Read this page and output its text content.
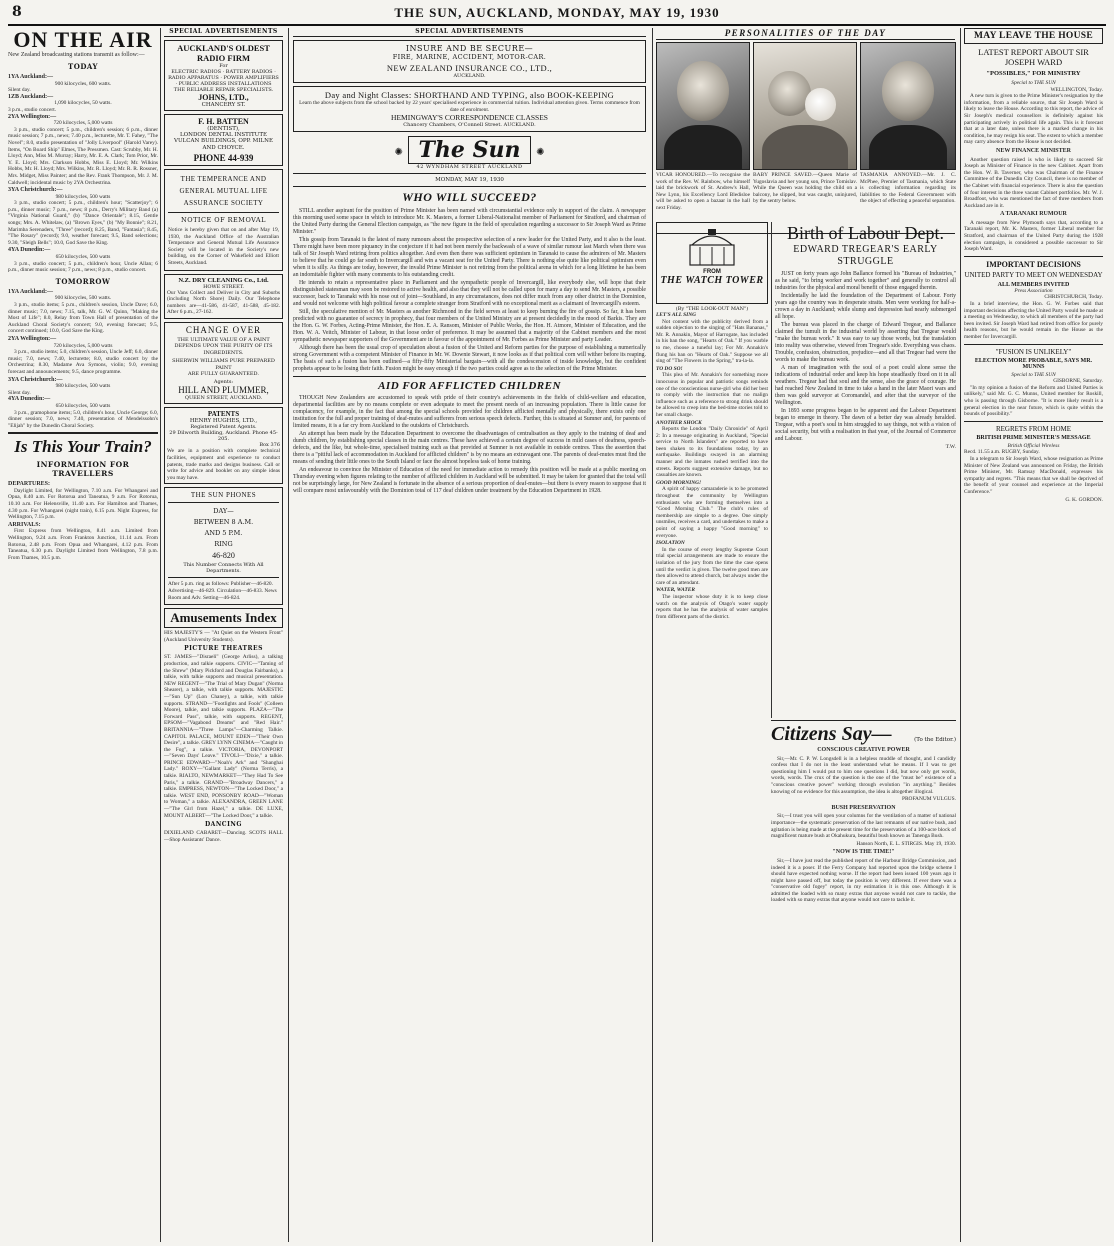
8	THE SUN, AUCKLAND, MONDAY, MAY 19, 1930
ON THE AIR
New Zealand broadcasting stations transmit as follow:—
TODAY
1YA Auckland:—
900 kilocycles, 600 watts.
Silent day.
1ZB Auckland:—
1,090 kilocycles, 50 watts.
3 p.m., studio concert.
2YA Wellington:—
720 kilocycles, 5,000 watts

3 p.m., studio concert; 5 p.m., children's session; 6 p.m., dinner music session; 7 p.m., news; 7.40 p.m., lecturette, Mr. T. Fahey, "The Novel"; 8.0, studio presentation of "Jolly Liverpool" (Harold Varey). Items, "On Board Ship" Elmes, The Pressmen. Cast: Scrubby, Mr. H. Lloyd; Ann, Miss M. Murray; Harry, Mr. E. A. Clark; Tom Prior, Mr. Y. E. Lloyd; Mrs. Clarkson Hobbs, Miss E. Lloyd; Mr. Wilkins Hobbs, Mr. H. Lloyd; Mrs. Wilkins, Mr. R. Lloyd; Mr. R. R. Rossner, Mrs. Midget, Miss Painter; and the Rev. Frank Thompson, Mr. J. M. Caldwell; incidental music by 2YA Orchestrina.

3YA Christchurch:—
980 kilocycles, 500 watts

3 p.m., studio concert; 5 p.m., children's hour; "Scatterjoy"; 6 p.m., dinner music; 7 p.m., news; 8 p.m., Derry's Military Band (a) "Virginia National Guard," (b) "Dance Orientale"; 8.15, Gentle songs; Mrs. A. Whitelaw, (a) "Brown Eyes," (b) "My Bonnie"; 8.21, Marimba Serenaders, "Three" (record); 8.25, Band, "Fantasia"; 8.45, "The Rosary" (record); 9.0, weather forecast; 9.5, Band selections; 9.30, "Sleigh Bells"; 10.0, God Save the King.

4YA Dunedin:—
650 kilocycles, 500 watts

3 p.m., studio concert; 5 p.m., children's hour, Uncle Allan; 6 p.m., dinner music session; 7 p.m., news; 8 p.m., studio concert.

TOMORROW
1YA Auckland:—
900 kilocycles, 500 watts.

3 p.m., studio items; 5 p.m., children's session, Uncle Dave; 6.0, dinner music; 7.0, news; 7.15, talk, Mr. G. W. Quinn, "Making the Most of Life"; 8.0, Relay from Town Hall of presentation of the Auckland Choral Society's concert; 9.0, evening forecast; 9.5, concert continued; 10.0, God Save the King.

2YA Wellington:—
720 kilocycles, 5,000 watts

3 p.m., studio items; 5.0, children's session, Uncle Jeff; 6.0, dinner music; 7.0, news; 7.40, lecturette; 8.0, studio concert by the Orchestrina; 8.30, Madame Ava Symons, violin; 9.0, evening forecast and announcements; 9.5, dance programme.

3YA Christchurch:—
980 kilocycles, 500 watts
Silent day.
4YA Dunedin:—
650 kilocycles, 500 watts

3 p.m., gramophone items; 5.0, children's hour, Uncle George; 6.0, dinner session; 7.0, news; 7.40, presentation of Mendelssohn's "Elijah" by the Dunedin Choral Society.

Is This Your Train?
INFORMATION FOR TRAVELLERS
DEPARTURES:

Daylight Limited, for Wellington, 7.10 a.m. For Whangarei and Opua, 8.40 a.m. For Rotorua and Taneatua, 9 a.m. For Rotorua, 10.10 a.m. For Helensville, 11.40 a.m. For Hamilton and Thames, 4.30 p.m. For Whangarei (night train), 6.15 p.m. Night Express, for Wellington, 7.15 p.m.

ARRIVALS:

First Express from Wellington, 8.41 a.m. Limited from Wellington, 9.24 a.m. From Frankton Junction, 11.14 a.m. From Rotorua, 2.48 p.m. From Opua and Whangarei, 4.12 p.m. From Taneatua, 6.30 p.m. Daylight Limited from Wellington, 7.8 p.m. From Thames, 10.5 p.m.

SPECIAL ADVERTISEMENTS
AUCKLAND'S OLDEST RADIO FIRM
For
ELECTRIC RADIOS · BATTERY RADIOS · RADIO APPARATUS · POWER AMPLIFIERS · PUBLIC ADDRESS INSTALLATIONS
THE RELIABLE REPAIR SPECIALISTS.
JOHNS, LTD.,
CHANCERY ST.
F. H. BATTEN
(DENTIST),
LONDON DENTAL INSTITUTE
VULCAN BUILDINGS, OPP. MILNE AND CHOYCE.
PHONE 44-939
THE TEMPERANCE AND GENERAL MUTUAL LIFE ASSURANCE SOCIETY
NOTICE OF REMOVAL
Notice is hereby given that on and after May 19, 1930, the Auckland Office of the Australian Temperance and General Mutual Life Assurance Society will be located in the Society's new building, on the Corner of Wakefield and Elliott Streets, Auckland.
N.Z. DRY CLEANING Co., Ltd.
HOWE STREET.
Our Vans Collect and Deliver in City and Suburbs (including North Shore) Daily. Our Telephone numbers are—41-586, 41-587, 41-588, 45-182. After 6 p.m., 27-162.
CHANGE OVER
THE ULTIMATE VALUE OF A PAINT DEPENDS UPON THE PURITY OF ITS INGREDIENTS.
SHERWIN WILLIAMS PURE PREPARED PAINT
ARE FULLY GUARANTEED.
Agents:
HILL AND PLUMMER,
QUEEN STREET, AUCKLAND.
PATENTS
HENRY HUGHES, LTD.,
Registered Patent Agents.
29 Dilworth Building, Auckland. Phone 45-205.
Box 376
We are in a position with complete technical facilities, equipment and experience to conduct patents, trade marks and designs business. Call or write for advice and booklet on any simple ideas you may have.
THE SUN PHONES
DAY—
BETWEEN 8 A.M.
AND 5 P.M.
RING
46-820
This Number Connects With All Departments.
After 5 p.m. ring as follows: Publisher—46-820. Advertising—46-829. Circulation—46-833. News Room and Adv. Setting—46-824.
Amusements Index
HIS MAJESTY'S — "At Quiet on the Western Front" (Auckland University Students).
PICTURE THEATRES
ST. JAMES—"Disraeli" (George Arliss), a talking production, and talkie supports. CIVIC—"Taming of the Shrew" (Mary Pickford and Douglas Fairbanks), a talkie, with talkie supports and musical presentation. NEW REGENT—"The Trial of Mary Dugan" (Norma Shearer), a talkie, with talkie supports. MAJESTIC—"Sun Up" (Lon Chaney), a talkie, with talkie supports. STRAND—"Footlights and Fools" (Colleen Moore), talkie, and talkie supports. PLAZA—"The Forward Pass", talkie, with supports. REGENT, EPSOM—"Vagabond Dreams" and "Red Hair." BRITANNIA—"Three Lamps"—Charming Talkie. CAPITOL PALACE, MOUNT EDEN—"Their Own Desire", a talkie. GREY LYNN CINEMA—"Caught in the Fog", a talkie. VICTORIA, DEVONPORT—"Seven Days' Leave." TIVOLI—"Dixie," a talkie. PRINCE EDWARD—"Noah's Ark" and "Shanghai Lady." ROXY—"Gallant Lady" (Norma Terris), a talkie. RIALTO, NEWMARKET—"They Had To See Paris," a talkie. GRAND—"Broadway Dancers," a talkie. EMPRESS, NEWTON—"The Locked Door," a talkie. WEST END, PONSONBY ROAD—"Woman to Woman," a talkie. ALEXANDRA, GREEN LANE—"The Girl from Hazel," a talkie. DE LUXE, MOUNT ALBERT—"The Locked Door," a talkie.
DANCING
DIXIELAND CABARET—Dancing. SCOTS HALL—Shop Assistants' Dance.
SPECIAL ADVERTISEMENTS
INSURE AND BE SECURE—
FIRE, MARINE, ACCIDENT, MOTOR-CAR.
NEW ZEALAND INSURANCE CO., LTD.,
AUCKLAND.
Day and Night Classes: SHORTHAND AND TYPING, also BOOK-KEEPING
Learn the above subjects from the school backed by 22 years' specialised experience in commercial tuition. Individual attention given. Terms commence from date of enrolment.
HEMINGWAY'S CORRESPONDENCE CLASSES
Chancery Chambers, O'Connell Street. AUCKLAND.
✺ The Sun ✺
42 WYNDHAM STREET AUCKLAND
MONDAY, MAY 19, 1930
WHO WILL SUCCEED?

STILL another aspirant for the position of Prime Minister has been named with circumstantial evidence only in support of the claim. A newspaper this morning used some space in which to introduce Mr. K. Masters, a former Liberal-Nationalist member of Parliament for Stratford, and chairman of the United Party during the General Election campaign, as "the new figure in the field of speculation regarding a successor to Sir Joseph Ward as Prime Minister."

This gossip from Taranaki is the latest of many rumours about the prospective selection of a new leader for the United Party, and it also is the least. There might have been more piquancy in the conjecture if it had not been merely the backwash of a wave of similar rumour last March when there was talk of Sir Joseph Ward retiring from politics altogether. And even then there was sufficient optimism in Taranaki to cause the admirers of Mr. Masters to believe that he could go far south to Invercargill and win a vacant seat for the United Party. There is nothing else quite like political optimism even when it is silly. As things are today, however, the invalid Prime Minister is not retiring from the political arena in which for a long lifetime he has been an indomitable fighter with many comments to his outstanding credit.

He intends to retain a representative place in Parliament and the sympathetic people of Invercargill, like everybody else, will hope that their distinguished statesman may soon be restored to active health, and also that they will not be called upon for many a day to send Mr. Masters, a possible successor, back to Taranaki with his nose out of joint—Southland, in any circumstances, does not differ much from any other district in the Dominion, and would not welcome with high political favour a complete stranger from Stratford with no exceptional merit as a claimant of Invercargill's esteem.

Still, the speculative mention of Mr. Masters as another Richmond in the field serves at least to keep burning the fire of gossip. So far, it has been predicted with no guarantee of secrecy in prophecy, that four members of the United Ministry are at present decidedly in the mood of Barkis. They are the Hon. G. W. Forbes, Acting-Prime Minister, the Hon. E. A. Ransom, Minister of Public Works, the Hon. H. Atmore, Minister of Education, and the Hon. W. A. Veitch, Minister of Labour, in that loose order of preference. It may be assumed that a majority of the Cabinet members and the most sympathetic newspaper supporters of the Government are in favour of the appointment of Mr. Forbes as Prime Minister and party Leader.

Although there has been the usual crop of speculation about a fusion of the United and Reform parties for the purpose of establishing a numerically strong Government with a competent Minister of Finance in Mr. W. Downie Stewart, it now looks as if that political corn will wither before its reaping. The basis of such a fusion has been outlined—a fifty-fifty Ministerial bargain—with all the condescension of inside knowledge, but the confident prophets appear to be losing their faith. Fusion might be easy enough if the two parties could agree as to the selection of the Prime Minister.

AID FOR AFFLICTED CHILDREN

THOUGH New Zealanders are accustomed to speak with pride of their country's achievements in the fields of child-welfare and education, departmental facilities are by no means complete or even adequate to meet the present needs of an increasing population. There is little cause for complacency, for example, in the fact that among the special schools provided for children afflicted mentally and physically, there exists only one institution for the full and proper training of deaf-mutes and sufferers from serious speech defects. Further, this is situated at Sumner and, for parents of limited means, it is a far cry from Auckland to the outskirts of Christchurch.

An attempt has been made by the Education Department to overcome the disadvantages of centralisation as they apply to the training of deaf and dumb children, by establishing special classes in the main centres. These have achieved a certain degree of success in mild cases of deafness, speech-defects, and the like, but whole-time, specialised training such as that provided at Sumner is not available in outside centres. Thus the assertion that there is a "pitiful lack of accommodation in Auckland for afflicted children" is by no means an extravagant one. The parents of deaf-mutes must find the means of sending their little ones to the South Island or face the almost hopeless task of home training.

An endeavour to convince the Minister of Education of the need for immediate action to remedy this position will be made at a public meeting on Thursday evening when figures relating to the number of afflicted children in Auckland will be submitted. It may be taken for granted that the total will not be surprisingly large, for New Zealand is fortunate in the absence of a serious proportion of deaf-mutes—but there is every reason to suppose that it will compare most unfavourably with the Dominion total of 117 deaf children under treatment by the Education Department in 1928.

PERSONALITIES OF THE DAY
VICAR HONOURED.—To recognise the work of the Rev. W. Rainbow, who himself laid the brickwork of St. Andrew's Hall, New Lynn, his Excellency Lord Bledisloe will be asked to open a bazaar in the hall next Friday.
BABY PRINCE SAVED.—Queen Marie of Yugoslavia and her young son, Prince Tomislav. While the Queen was holding the child on a balcony, he slipped, but was caught, uninjured, by the sentry below.
TASMANIA ANNOYED.—Mr. J. C. McPhee, Premier of Tasmania, which State is collecting information regarding its liabilities to the Federal Government with the object of effecting a peaceful separation.
FROM
THE WATCH TOWER
(By "THE LOOK-OUT MAN")
LET'S ALL SING

Not content with the publicity derived from a sudden objection to the singing of "Hats Bananas," Mr. R. Annakin, Mayor of Harrogate, has included in his ban the song, "Hearts of Oak." If you warble to me, choose a tuneful lay; For Mr. Annakin's flung his ban on "Hearts of Oak." Suppose we all sing of "The Flowers in the Spring," tra-la-la.

TO DO SO!

This plea of Mr. Annakin's for something more innocuous in popular and patriotic songs reminds one of the conscientious nurse-girl who did her best to comply with the instruction that no malign influence such as a reference to strong drink should be allowed to creep into the bed-time stories told to her small charge.

ANOTHER SHOCK

Reports the London "Daily Chronicle" of April 2: In a message originating in Auckland, "Special service to North Islanders" are reported to have been shaken to its foundations today, by an earthquake. Buildings swayed in an alarming manner and the inmates rushed terrified into the streets. Reports suggest extensive damage, but no casualties are known.

GOOD MORNING!

A spirit of happy camaraderie is to be promoted throughout the community by Wellington enthusiasts who are forming themselves into a "Good Morning Club." The club's rules of membership are simple to a degree. One simply unsmiles, receives a card, and undertakes to make a point of saying a happy "Good morning" to everyone.

ISOLATION

In the course of every lengthy Supreme Court trial special arrangements are made to ensure the isolation of the jury from the time the case opens until the verdict is given. The twelve good men are then allowed to attend church, but always under the care of an attendant.

WATER, WATER

The inspector whose duty it is to keep close watch on the analysis of Otago's water supply reports that he has the analysis of water samples from different parts of the district.

Birth of Labour Dept.
EDWARD TREGEAR'S EARLY STRUGGLE

JUST on forty years ago John Ballance formed his "Bureau of Industries," as he said, "to bring worker and work together" and generally to control all industries for the physical and moral benefit of those engaged therein.

Incidentally he laid the foundation of the Department of Labour. Forty years ago the country was in desperate straits. Men were working for half-a-crown a day in Auckland; while slump and depression had nearly submerged all hope.

The bureau was placed in the charge of Edward Tregear, and Ballance claimed the tumult in the industrial world by asserting that Tregear would "make the bureau work." It was easy to say those words, but the translation into reality was otherwise, viewed from Tregear's side. Everything was chaos. Trouble, confusion, obstruction, prejudice—and all that Tregear had were the words to make the bureau work.

A man of imagination with the soul of a poet could alone sense the indications of industrial order and keep his hope steadfastly fixed on it in all weathers. Tregear had that soul and the sense, also the grace of courage. He had reached New Zealand in time to take a hand in the later Maori wars and then was gold surveyor at Coromandel, and after that the surveyor of the Wellington.

In 1893 some progress began to be apparent and the Labour Department began to emerge in theory. The dawn of a better day was already heralded. Tregear, with a poet's soul in him struggled to say things, not with a vision of social security, but with a realisation in that year, of the Journal of Commerce and Labour.

T.W.
Citizens Say—	(To the Editor.)
CONSCIOUS CREATIVE POWER

Sir,—Mr. C. P. W. Longsdell is in a helpless muddle of thought, and I candidly confess that I do not in the least understand what he means. If I was to get questioning him I would put to him one questions I did, but now only get words, words, words. The crux of the question is the one of the "must be" existence of a "conscious creative power" working through evolution "in anything." Besides knowing of no evidence for this assumption, the idea is altogether illogical.

PROFANUM VULGUS.
BUSH PRESERVATION

Sir,—I trust you will open your columns for the ventilation of a matter of national importance—the systematic preservation of the last remnants of our native bush, and agitation is being made at the present time for the preservation of a 100-acre block of magnificent mature bush at Okahukura, beautiful bush known as Tanenga Bush.

Hanson North, E. L. STIRGIS. May 19, 1930.
"NOW IS THE TIME!"

Sir,—I have just read the published report of the Harbour Bridge Commission, and indeed it is a poser. If the Ferry Company had reported upon the bridge scheme I should have expected nothing worse. If the report had been issued 100 years ago it might have passed off, but today the position is very different. If ever there was a "conservative old fogey" report, in my estimation it is this one. Although it is admitted the loaded with so many extras that anyone would not care to tackle, the loaded with so many extras that anyone would not care to tackle it.

MAY LEAVE THE HOUSE
LATEST REPORT ABOUT SIR JOSEPH WARD
"POSSIBLES," FOR MINISTRY
Special to THE SUN
WELLINGTON, Today.

A new turn is given to the Prime Minister's resignation by the information, from a reliable source, that Sir Joseph Ward is likely to leave the House. According to this report, the advice of Sir Joseph's medical counsellors is definitely against his participating actively in political life again. This is it forecast that at a later date, unless there is a marked change in his condition, he may resign his seat. The extent to which a member may carry absence from the House is not decided.

NEW FINANCE MINISTER

Another question raised is who is likely to succeed Sir Joseph as Minister of Finance in the new Cabinet. Apart from the Hon. W. B. Taverner, who was Chairman of the Finance Committee of the Dunedin City Council, there is no member of the Cabinet with financial experience. There is also the question of four interest in the three vacant Cabinet portfolios. Mr. W. J. Broadfoot, who was mentioned the fact of three members from Auckland are in it.

A TARANAKI RUMOUR

A message from New Plymouth says that, according to a Taranaki report, Mr. K. Masters, former Liberal member for Stratford, and chairman of the United Party during the 1928 election campaign, is considered a possible successor to Sir Joseph Ward.

IMPORTANT DECISIONS
UNITED PARTY TO MEET ON WEDNESDAY
ALL MEMBERS INVITED
Press Association
CHRISTCHURCH, Today.

In a brief interview, the Hon. G. W. Forbes said that important decisions affecting the United Party would be made at a meeting on Wednesday, to which all members of the party had been invited. Sir Joseph Ward had retired from office for purely health reasons, but he would remain in the House as the member for Invercargill.

"FUSION IS UNLIKELY"
ELECTION MORE PROBABLE, SAYS MR. MUNNS
Special to THE SUN
GISBORNE, Saturday.

"In my opinion a fusion of the Reform and United Parties is unlikely," said Mr. G. C. Munns, United member for Roskill, who is passing through Gisborne. "It is more likely result is a general election in the near future, which is quite within the bounds of possibility."

REGRETS FROM HOME
BRITISH PRIME MINISTER'S MESSAGE
British Official Wireless
Recd. 11.55 a.m. RUGBY, Sunday.

In a telegram to Sir Joseph Ward, whose resignation as Prime Minister of New Zealand was announced on Friday, the British Prime Minister, Mr. Ramsay MacDonald, expresses his sympathy and regrets. "This means that we shall be deprived of the benefit of your counsel and experience at the Imperial Conference."

G. K. GORDON.
